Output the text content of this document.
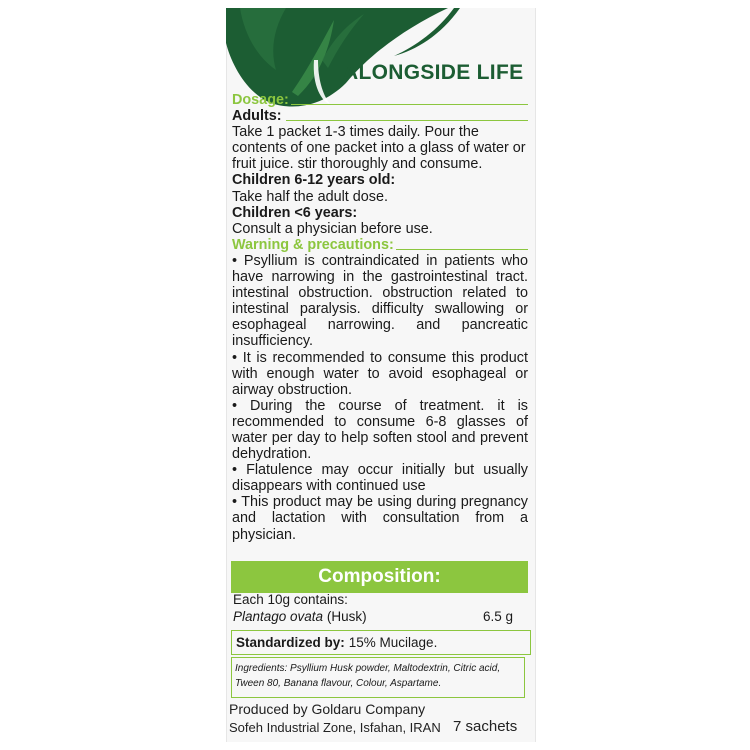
ALONGSIDE LIFE

Dosage:

Adults:

Take 1 packet 1-3 times daily. Pour the contents of one packet into a glass of water or fruit juice. stir thoroughly and consume.

Children 6-12 years old:

Take half the adult dose.

Children <6 years:

Consult a physician before use.

Warning & precautions:

• Psyllium is contraindicated in patients who have narrowing in the gastrointestinal tract. intestinal obstruction. obstruction related to intestinal paralysis. difficulty swallowing or esophageal narrowing. and pancreatic insufficiency.

• It is recommended to consume this product with enough water to avoid esophageal or airway obstruction.

• During the course of treatment. it is recommended to consume 6-8 glasses of water per day to help soften stool and prevent dehydration.

• Flatulence may occur initially but usually disappears with continued use

• This product may be using during pregnancy and lactation with consultation from a physician.

Composition:
Each 10g contains:
Plantago ovata (Husk)	6.5 g
Standardized by: 15% Mucilage.
Ingredients: Psyllium Husk powder, Maltodextrin, Citric acid, Tween 80, Banana flavour, Colour, Aspartame.
Produced by Goldaru Company
Sofeh Industrial Zone, Isfahan, IRAN 7 sachets
